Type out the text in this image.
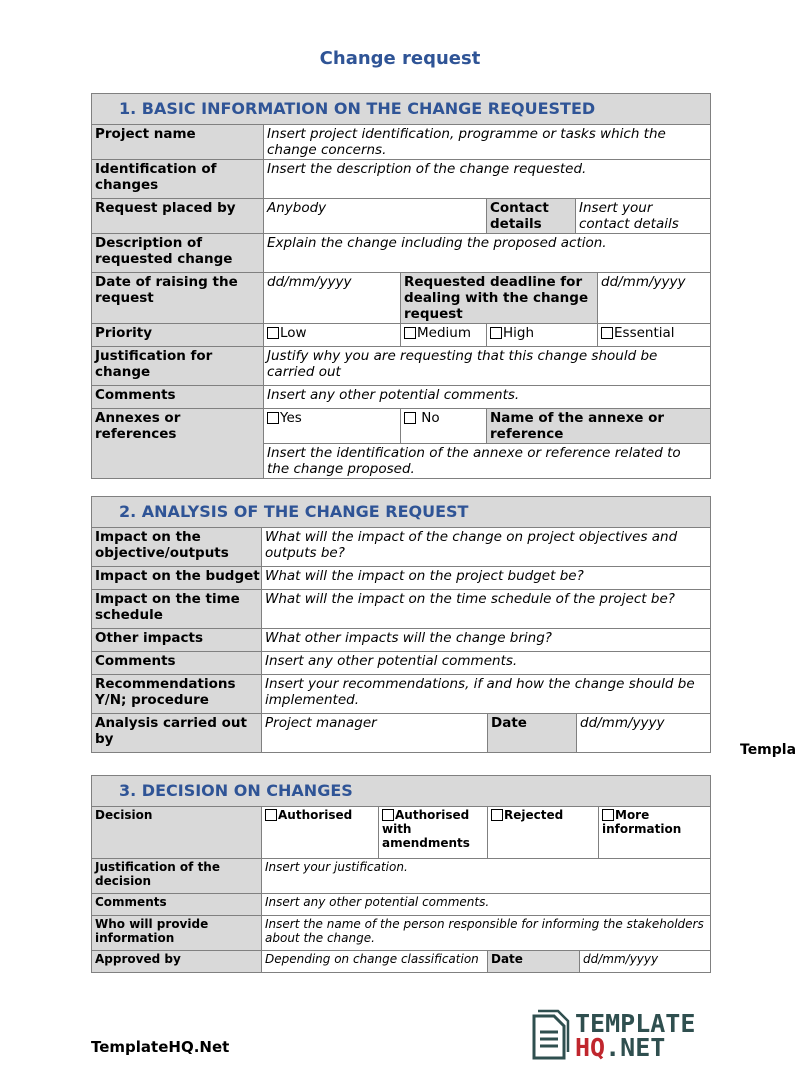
Change request
1. BASIC INFORMATION ON THE CHANGE REQUESTED					
Project name	Insert project identification, programme or tasks which the change concerns.				
Identification of changes	Insert the description of the change requested.				
Request placed by	Anybody		Contact details	Insert your contact details	
Description of requested change	Explain the change including the proposed action.				
Date of raising the request	dd/mm/yyyy	Requested deadline for dealing with the change request			dd/mm/yyyy
Priority	Low	Medium	High		Essential
Justification for change	Justify why you are requesting that this change should be carried out				
Comments	Insert any other potential comments.				
Annexes or references	Yes	No	Name of the annexe or reference		
	Insert the identification of the annexe or reference related to the change proposed.				
2. ANALYSIS OF THE CHANGE REQUEST			
Impact on the objective/outputs	What will the impact of the change on project objectives and outputs be?		
Impact on the budget	What will the impact on the project budget be?		
Impact on the time schedule	What will the impact on the time schedule of the project be?		
Other impacts	What other impacts will the change bring?		
Comments	Insert any other potential comments.		
Recommendations Y/N; procedure	Insert your recommendations, if and how the change should be implemented.		
Analysis carried out by	Project manager	Date	dd/mm/yyyy
Templa
3. DECISION ON CHANGES					
Decision	Authorised	Authorised with amendments	Rejected		More information
Justification of the decision	Insert your justification.				
Comments	Insert any other potential comments.				
Who will provide information	Insert the name of the person responsible for informing the stakeholders about the change.				
Approved by	Depending on change classification		Date	dd/mm/yyyy	
TemplateHQ.Net
TEMPLATE
HQ.NET
